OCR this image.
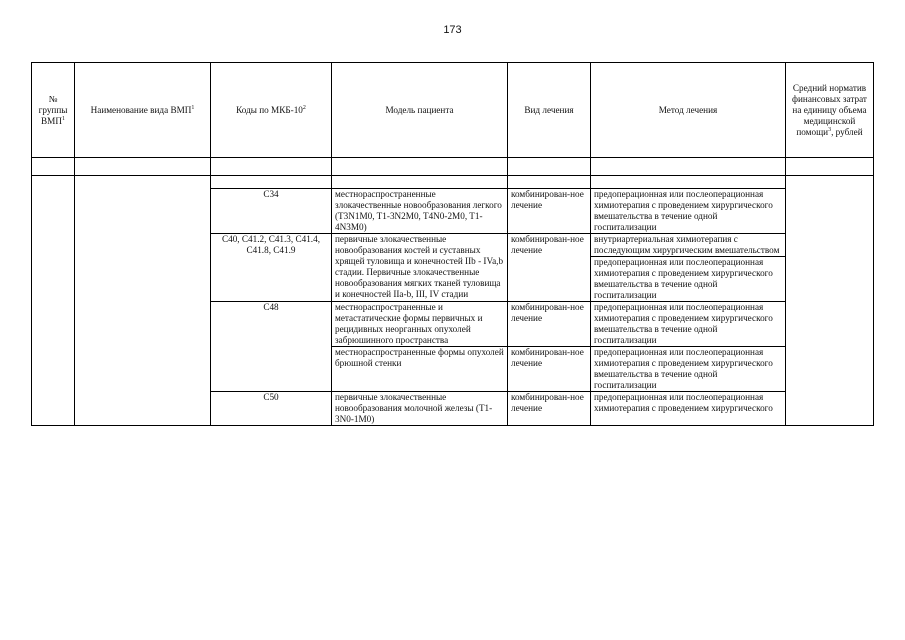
173
№ группы ВМП$^1$	Наименование вида ВМП$^1$	Коды по МКБ-$10^2$	Модель пациента	Вид лечения	Метод лечения	Средний норматив финансовых затрат на единицу объема медицинской помощи$^3$, рублей

		C34	местнораспространенные злокачественные новообразования легкого (T3N1M0, T1-3N2M0, T4N0-2M0, T1-4N3M0)	комбинирован-ное лечение	предоперационная или послеоперационная химиотерапия с проведением хирургического вмешательства в течение одной госпитализации	
		C40, C41.2, C41.3, C41.4, C41.8, C41.9	первичные злокачественные новообразования костей и суставных хрящей туловища и конечностей IIb - IVa,b стадии. Первичные злокачественные новообразования мягких тканей туловища и конечностей IIa-b, III, IV стадии	комбинирован-ное лечение	внутриартериальная химиотерапия с последующим хирургическим вмешательством	
					предоперационная или послеоперационная химиотерапия с проведением хирургического вмешательства в течение одной госпитализации	
		C48	местнораспространенные и метастатические формы первичных и рецидивных неорганных опухолей забрюшинного пространства	комбинирован-ное лечение	предоперационная или послеоперационная химиотерапия с проведением хирургического вмешательства в течение одной госпитализации	
			местнораспространенные формы опухолей брюшной стенки	комбинирован-ное лечение	предоперационная или послеоперационная химиотерапия с проведением хирургического вмешательства в течение одной госпитализации	
		C50	первичные злокачественные новообразования молочной железы (T1-3N0-1M0)	комбинирован-ное лечение	предоперационная или послеоперационная химиотерапия с проведением хирургического	
